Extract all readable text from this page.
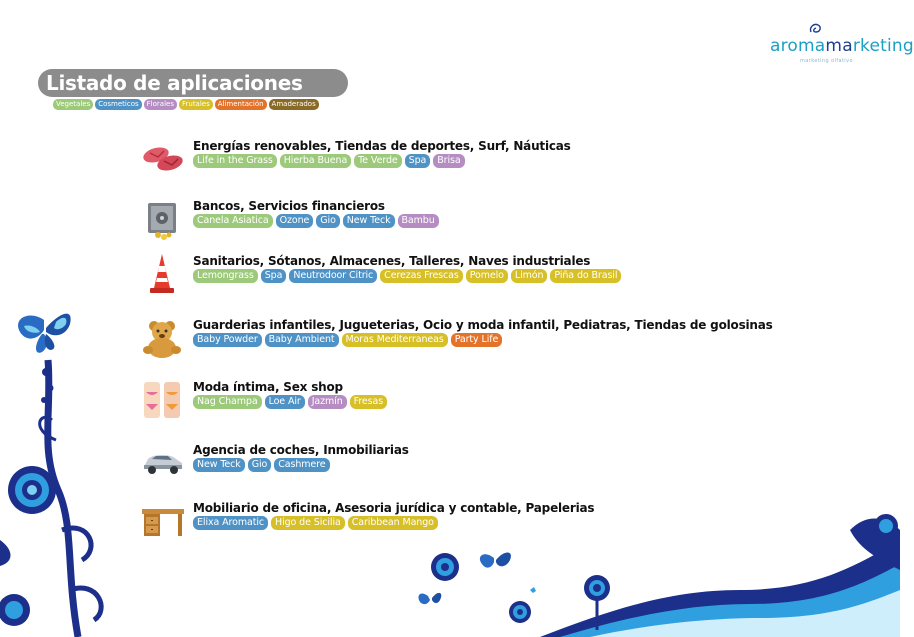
aromamarketing
marketing olfativo
Listado de aplicaciones
Vegetales	Cosmeticos	Florales	Frutales	Alimentación	Amaderados
Energías renovables, Tiendas de deportes, Surf, Náuticas
Life in the Grass	Hierba Buena	Te Verde	Spa	Brisa
Bancos, Servicios financieros
Canela Asiatica	Ozone	Gio	New Teck	Bambu
Sanitarios, Sótanos, Almacenes, Talleres, Naves industriales
Lemongrass	Spa	Neutrodoor Citric	Cerezas Frescas	Pomelo	Limón	Piña do Brasil
Guarderias infantiles, Jugueterias, Ocio y moda infantil, Pediatras, Tiendas de golosinas
Baby Powder	Baby Ambient	Moras Mediterraneas	Party Life
Moda íntima, Sex shop
Nag Champa	Loe Air	Jazmín	Fresas
Agencia de coches, Inmobiliarias
New Teck	Gio	Cashmere
Mobiliario de oficina, Asesoria jurídica y contable, Papelerias
Elixa Aromatic	Higo de Sicilia	Caribbean Mango
